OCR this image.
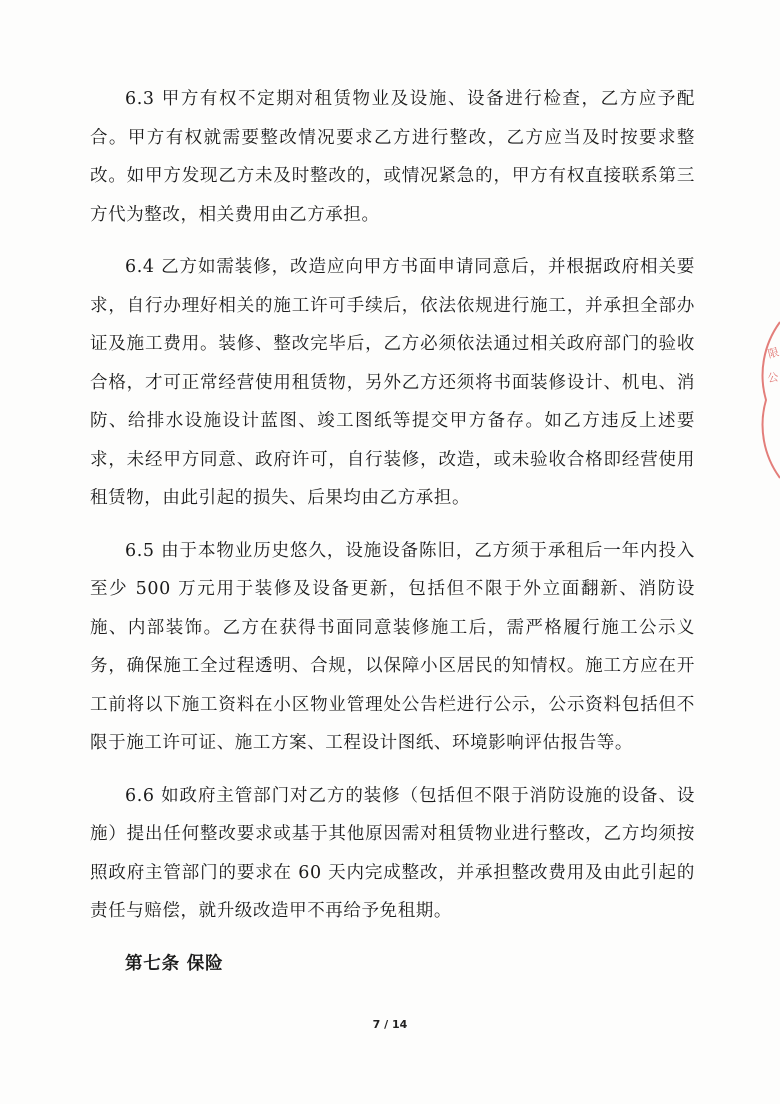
6.3 甲方有权不定期对租赁物业及设施、设备进行检查，乙方应予配合。甲方有权就需要整改情况要求乙方进行整改，乙方应当及时按要求整改。如甲方发现乙方未及时整改的，或情况紧急的，甲方有权直接联系第三方代为整改，相关费用由乙方承担。

6.4 乙方如需装修，改造应向甲方书面申请同意后，并根据政府相关要求，自行办理好相关的施工许可手续后，依法依规进行施工，并承担全部办证及施工费用。装修、整改完毕后，乙方必须依法通过相关政府部门的验收合格，才可正常经营使用租赁物，另外乙方还须将书面装修设计、机电、消防、给排水设施设计蓝图、竣工图纸等提交甲方备存。如乙方违反上述要求，未经甲方同意、政府许可，自行装修，改造，或未验收合格即经营使用租赁物，由此引起的损失、后果均由乙方承担。

6.5 由于本物业历史悠久，设施设备陈旧，乙方须于承租后一年内投入至少 500 万元用于装修及设备更新，包括但不限于外立面翻新、消防设施、内部装饰。乙方在获得书面同意装修施工后，需严格履行施工公示义务，确保施工全过程透明、合规，以保障小区居民的知情权。施工方应在开工前将以下施工资料在小区物业管理处公告栏进行公示，公示资料包括但不限于施工许可证、施工方案、工程设计图纸、环境影响评估报告等。

6.6 如政府主管部门对乙方的装修（包括但不限于消防设施的设备、设施）提出任何整改要求或基于其他原因需对租赁物业进行整改，乙方均须按照政府主管部门的要求在 60 天内完成整改，并承担整改费用及由此引起的责任与赔偿，就升级改造甲不再给予免租期。

第七条 保险

限
公
7 / 14
